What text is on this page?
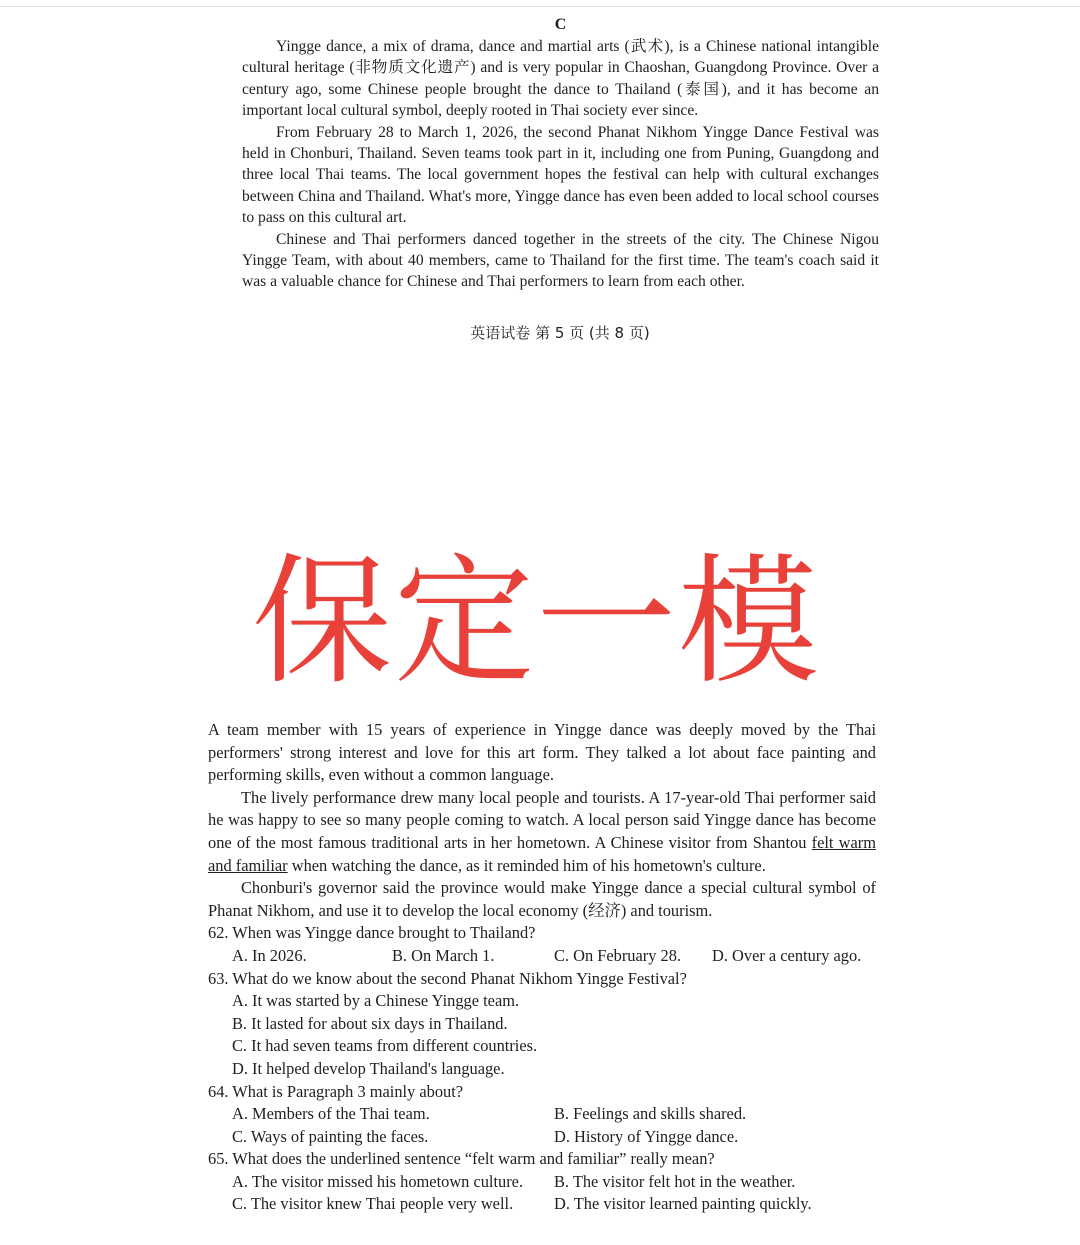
C

Yingge dance, a mix of drama, dance and martial arts (武术), is a Chinese national intangible cultural heritage (非物质文化遗产) and is very popular in Chaoshan, Guangdong Province. Over a century ago, some Chinese people brought the dance to Thailand (泰国), and it has become an important local cultural symbol, deeply rooted in Thai society ever since.

From February 28 to March 1, 2026, the second Phanat Nikhom Yingge Dance Festival was held in Chonburi, Thailand. Seven teams took part in it, including one from Puning, Guangdong and three local Thai teams. The local government hopes the festival can help with cultural exchanges between China and Thailand. What's more, Yingge dance has even been added to local school courses to pass on this cultural art.

Chinese and Thai performers danced together in the streets of the city. The Chinese Nigou Yingge Team, with about 40 members, came to Thailand for the first time. The team's coach said it was a valuable chance for Chinese and Thai performers to learn from each other.

英语试卷 第 5 页 (共 8 页)
保定一模

A team member with 15 years of experience in Yingge dance was deeply moved by the Thai performers' strong interest and love for this art form. They talked a lot about face painting and performing skills, even without a common language.

The lively performance drew many local people and tourists. A 17-year-old Thai performer said he was happy to see so many people coming to watch. A local person said Yingge dance has become one of the most famous traditional arts in her hometown. A Chinese visitor from Shantou felt warm and familiar when watching the dance, as it reminded him of his hometown's culture.

Chonburi's governor said the province would make Yingge dance a special cultural symbol of Phanat Nikhom, and use it to develop the local economy (经济) and tourism.

62. When was Yingge dance brought to Thailand?

A. In 2026.	B. On March 1.	C. On February 28.	D. Over a century ago.

63. What do we know about the second Phanat Nikhom Yingge Festival?

A. It was started by a Chinese Yingge team.
B. It lasted for about six days in Thailand.
C. It had seven teams from different countries.
D. It helped develop Thailand's language.

64. What is Paragraph 3 mainly about?

A. Members of the Thai team.	B. Feelings and skills shared.
C. Ways of painting the faces.	D. History of Yingge dance.

65. What does the underlined sentence “felt warm and familiar” really mean?

A. The visitor missed his hometown culture.	B. The visitor felt hot in the weather.
C. The visitor knew Thai people very well.	D. The visitor learned painting quickly.
